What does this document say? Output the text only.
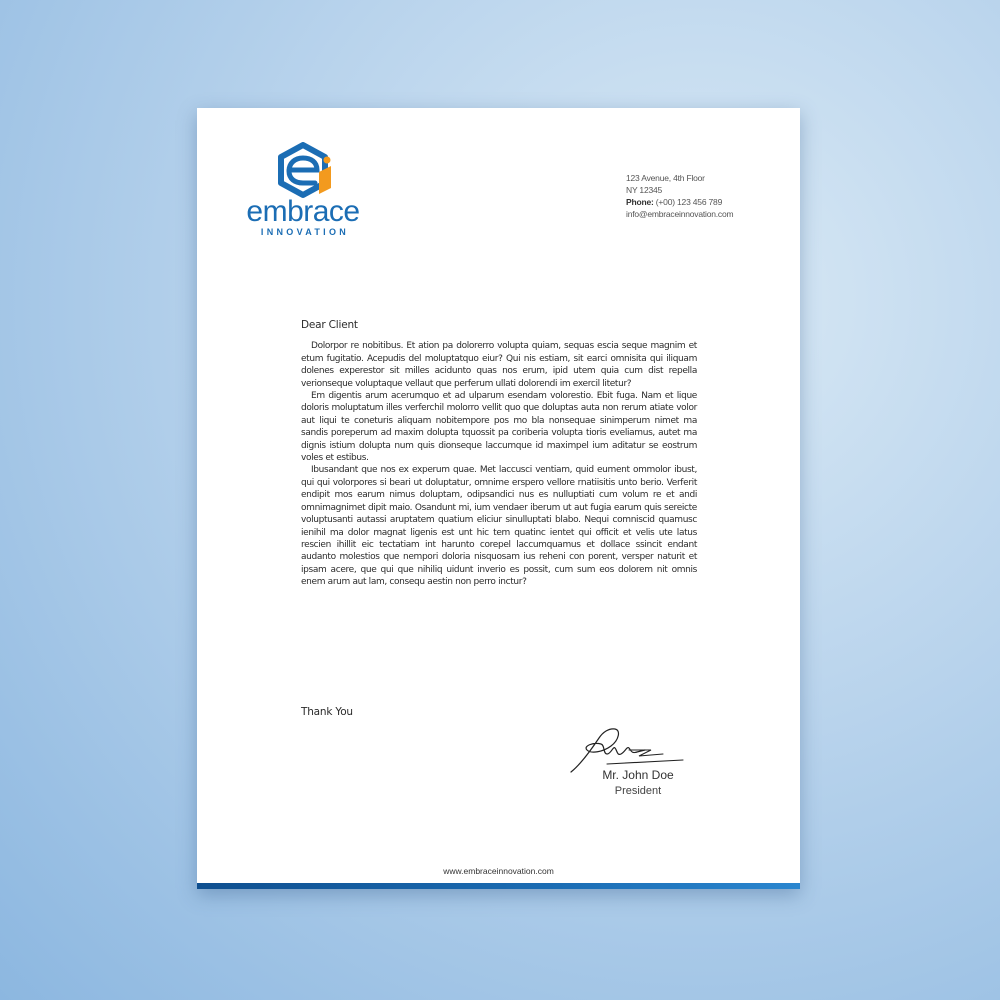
embrace
INNOVATION
123 Avenue, 4th Floor
NY 12345
Phone: (+00) 123 456 789
info@embraceinnovation.com

Dear Client

Dolorpor re nobitibus. Et ation pa dolorerro volupta quiam, sequas escia seque magnim et etum fugitatio. Acepudis del moluptatquo eiur? Qui nis estiam, sit earci omnisita qui iliquam dolenes experestor sit milles acidunto quas nos erum, ipid utem quia cum dist repella verionseque voluptaque vellaut que perferum ullati dolorendi im exercil litetur?

Em digentis arum acerumquo et ad ulparum esendam volorestio. Ebit fuga. Nam et lique doloris moluptatum illes verferchil molorro vellit quo que doluptas auta non rerum atiate volor aut liqui te coneturis aliquam nobitempore pos mo bla nonsequae sinimperum nimet ma sandis poreperum ad maxim dolupta tquossit pa coriberia volupta tioris eveliamus, autet ma dignis istium dolupta num quis dionseque laccumque id maximpel ium aditatur se eostrum voles et estibus.

Ibusandant que nos ex experum quae. Met laccusci ventiam, quid eument ommolor ibust, qui qui volorpores si beari ut doluptatur, omnime erspero vellore rnatiisitis unto berio. Verferit endipit mos earum nimus doluptam, odipsandici nus es nulluptiati cum volum re et andi omnimagnimet dipit maio. Osandunt mi, ium vendaer iberum ut aut fugia earum quis sereicte voluptusanti autassi aruptatem quatium eliciur sinulluptati blabo. Nequi comniscid quamusc ienihil ma dolor magnat ligenis est unt hic tem quatinc ientet qui officit et velis ute latus rescien ihillit eic tectatiam int harunto corepel laccumquamus et dollace ssincit endant audanto molestios que nempori doloria nisquosam ius reheni con porent, versper naturit et ipsam acere, que qui que nihiliq uidunt inverio es possit, cum sum eos dolorem nit omnis enem arum aut lam, consequ aestin non perro inctur?

Thank You
Mr. John Doe
President
www.embraceinnovation.com
